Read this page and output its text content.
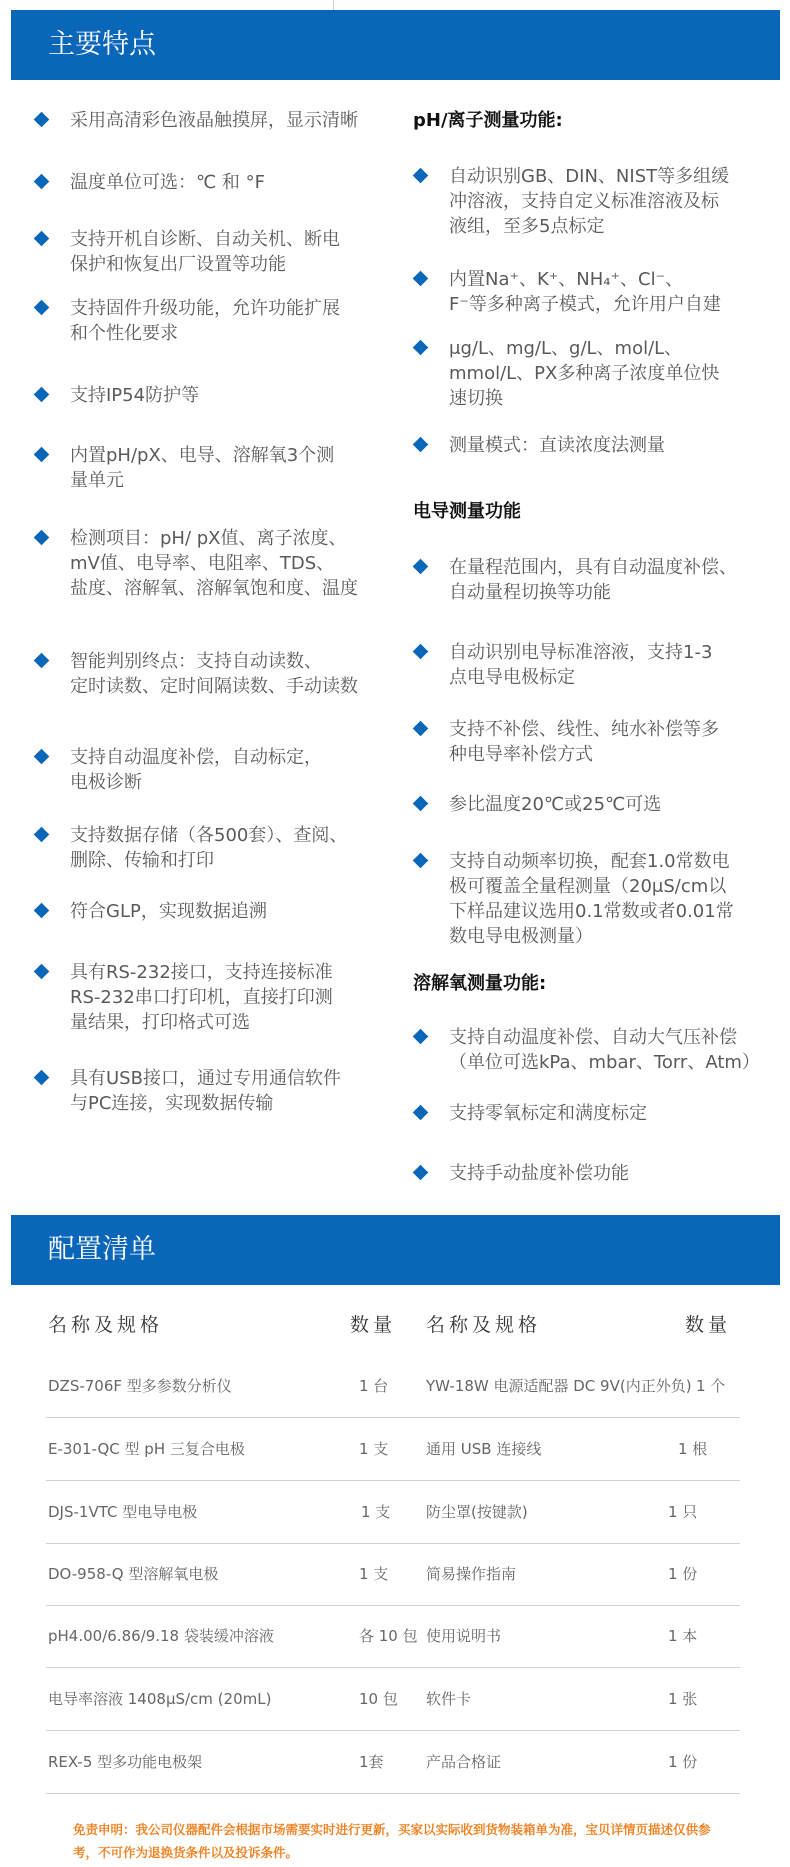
主要特点
采用高清彩色液晶触摸屏，显示清晰
温度单位可选：℃ 和 °F
支持开机自诊断、自动关机、断电
保护和恢复出厂设置等功能
支持固件升级功能，允许功能扩展
和个性化要求
支持IP54防护等
内置pH/pX、电导、溶解氧3个测
量单元
检测项目：pH/ pX值、离子浓度、
mV值、电导率、电阻率、TDS、
盐度、溶解氧、溶解氧饱和度、温度
智能判别终点：支持自动读数、
定时读数、定时间隔读数、手动读数
支持自动温度补偿，自动标定，
电极诊断
支持数据存储（各500套）、查阅、
删除、传输和打印
符合GLP，实现数据追溯
具有RS-232接口，支持连接标准
RS-232串口打印机，直接打印测
量结果，打印格式可选
具有USB接口，通过专用通信软件
与PC连接，实现数据传输
pH/离子测量功能:
自动识别GB、DIN、NIST等多组缓
冲溶液，支持自定义标准溶液及标
液组，至多5点标定
内置Na⁺、K⁺、NH₄⁺、Cl⁻、
F⁻等多种离子模式，允许用户自建
μg/L、mg/L、g/L、mol/L、
mmol/L、PX多种离子浓度单位快
速切换
测量模式：直读浓度法测量
电导测量功能
在量程范围内，具有自动温度补偿、
自动量程切换等功能
自动识别电导标准溶液，支持1-3
点电导电极标定
支持不补偿、线性、纯水补偿等多
种电导率补偿方式
参比温度20℃或25℃可选
支持自动频率切换，配套1.0常数电
极可覆盖全量程测量（20μS/cm以
下样品建议选用0.1常数或者0.01常
数电导电极测量）
溶解氧测量功能:
支持自动温度补偿、自动大气压补偿
（单位可选kPa、mbar、Torr、Atm）
支持零氧标定和满度标定
支持手动盐度补偿功能
配置清单
名称及规格	数量 名称及规格	数量
DZS-706F 型多参数分析仪	1 台	YW-18W 电源适配器 DC 9V(内正外负) 1 个
E-301-QC 型 pH 三复合电极	1 支	通用 USB 连接线	1 根
DJS-1VTC 型电导电极	1 支 防尘罩(按键款)	1 只
DO-958-Q 型溶解氧电极	1 支	简易操作指南	1 份
pH4.00/6.86/9.18 袋装缓冲溶液	各 10 包 使用说明书	1 本
电导率溶液 1408μS/cm (20mL)	10 包 软件卡	1 张
REX-5 型多功能电极架	1套	产品合格证	1 份
免责申明：我公司仪器配件会根据市场需要实时进行更新，买家以实际收到货物装箱单为准，宝贝详情页描述仅供参考，不可作为退换货条件以及投诉条件。
